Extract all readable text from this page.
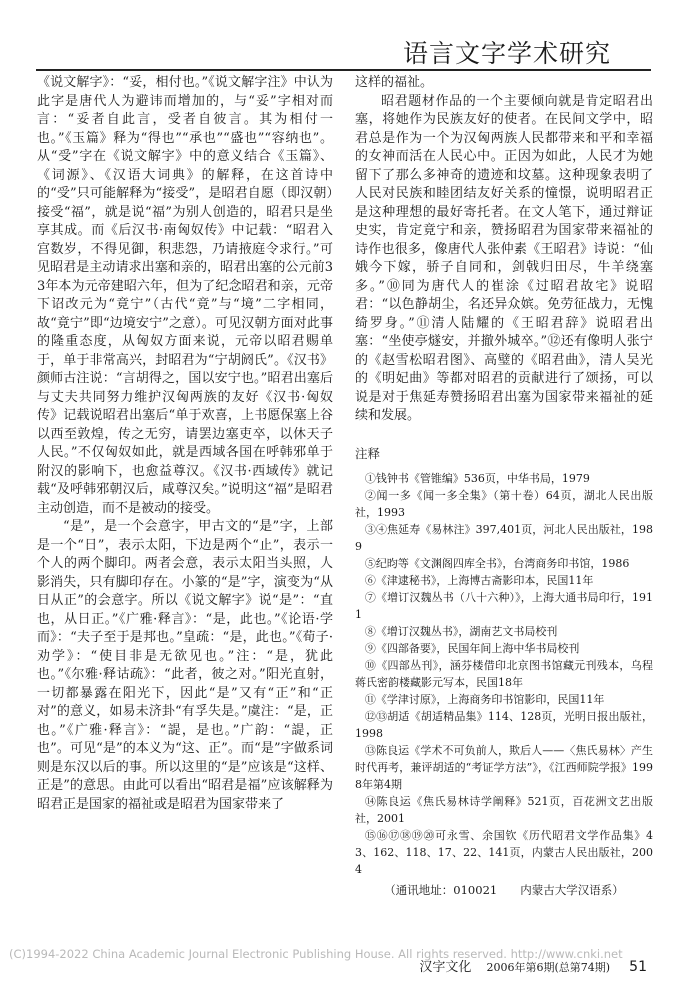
语言文字学术研究

《说文解字》：“妥，相付也。”《说文解字注》中认为此字是唐代人为避讳而增加的，与“妥”字相对而言：“妥者自此言，受者自彼言。其为相付一也。”《玉篇》释为“得也”“承也”“盛也”“容纳也”。从“受”字在《说文解字》中的意义结合《玉篇》、《词源》、《汉语大词典》的解释，在这首诗中的“受”只可能解释为“接受”，是昭君自愿（即汉朝）接受“福”，就是说“福”为别人创造的，昭君只是坐享其成。而《后汉书·南匈奴传》中记载：“昭君入宫数岁，不得见御，积悲怨，乃请掖庭令求行。”可见昭君是主动请求出塞和亲的，昭君出塞的公元前33年本为元帝建昭六年，但为了纪念昭君和亲，元帝下诏改元为“竟宁”（古代“竟”与“境”二字相同，故“竟宁”即“边境安宁”之意）。可见汉朝方面对此事的隆重态度，从匈奴方面来说，元帝以昭君赐单于，单于非常高兴，封昭君为“宁胡阏氏”。《汉书》颜师古注说：“言胡得之，国以安宁也。”昭君出塞后与丈夫共同努力维护汉匈两族的友好《汉书·匈奴传》记载说昭君出塞后“单于欢喜，上书愿保塞上谷以西至敦煌，传之无穷，请罢边塞吏卒，以休天子人民。”不仅匈奴如此，就是西域各国在呼韩邪单于附汉的影响下，也愈益尊汉。《汉书·西域传》就记载“及呼韩邪朝汉后，咸尊汉矣。”说明这“福”是昭君主动创造，而不是被动的接受。

“是”，是一个会意字，甲古文的“是”字，上部是一个“日”，表示太阳，下边是两个“止”，表示一个人的两个脚印。两者会意，表示太阳当头照，人影消失，只有脚印存在。小篆的“是”字，演变为“从日从正”的会意字。所以《说文解字》说“是”：“直也，从日正。”《广雅·释言》：“是，此也。”《论语·学而》：“夫子至于是邦也。”皇疏：“是，此也。”《荀子·劝学》：“使目非是无欲见也。”注：“是，犹此也。”《尔雅·释诂疏》：“此者，彼之对。”阳光直射，一切都暴露在阳光下，因此“是”又有“正”和“正对”的意义，如易未济卦“有孚失是。”虞注：“是，正也。”《广雅·释言》：“諟，是也。”广韵：“諟，正也”。可见“是”的本义为“这、正”。而“是”字做系词则是东汉以后的事。所以这里的“是”应该是“这样、正是”的意思。由此可以看出“昭君是福”应该解释为昭君正是国家的福祉或是昭君为国家带来了

这样的福祉。

昭君题材作品的一个主要倾向就是肯定昭君出塞，将她作为民族友好的使者。在民间文学中，昭君总是作为一个为汉匈两族人民都带来和平和幸福的女神而活在人民心中。正因为如此，人民才为她留下了那么多神奇的遗迹和坟墓。这种现象表明了人民对民族和睦团结友好关系的憧憬，说明昭君正是这种理想的最好寄托者。在文人笔下，通过辩证史实，肯定竟宁和亲，赞扬昭君为国家带来福祉的诗作也很多，像唐代人张仲素《王昭君》诗说：“仙娥今下嫁，骄子自同和，剑戟归田尽，牛羊绕塞多。”⑩同为唐代人的崔涂《过昭君故宅》说昭君：“以色静胡尘，名还异众嫔。免劳征战力，无愧绮罗身。”⑪清人陆耀的《王昭君辞》说昭君出塞：“坐使亭燧安，并撤外城卒。”⑫还有像明人张宁的《赵雪松昭君图》、高璧的《昭君曲》，清人吴光的《明妃曲》等都对昭君的贡献进行了颂扬，可以说是对于焦延寿赞扬昭君出塞为国家带来福祉的延续和发展。

注释
①钱钟书《管锥编》536页，中华书局，1979
②闻一多《闻一多全集》（第十卷）64页，湖北人民出版社，1993
③④焦延寿《易林注》397,401页，河北人民出版社，1989
⑤纪昀等《文渊阁四库全书》，台湾商务印书馆，1986
⑥《津逮秘书》，上海博古斋影印本，民国11年
⑦《增订汉魏丛书（八十六种）》，上海大通书局印行，1911
⑧《增订汉魏丛书》，湖南艺文书局校刊
⑨《四部备要》，民国年间上海中华书局校刊
⑩《四部丛刊》，涵芬楼借印北京图书馆藏元刊残本，乌程蒋氏密韵楼藏影元写本，民国18年
⑪《学津讨原》，上海商务印书馆影印，民国11年
⑫⑬胡适《胡适精品集》114、128页，光明日报出版社，1998
⑬陈良运《学术不可负前人，欺后人——〈焦氏易林〉产生时代再考，兼评胡适的“考证学方法”》，《江西师院学报》1998年第4期
⑭陈良运《焦氏易林诗学阐释》521页，百花洲文艺出版社，2001
⑮⑯⑰⑱⑲⑳可永雪、余国钦《历代昭君文学作品集》43、162、118、17、22、141页，内蒙古人民出版社，2004
（通讯地址：010021　　内蒙古大学汉语系）

(C)1994-2022 China Academic Journal Electronic Publishing House. All rights reserved. http://www.cnki.net

汉字文化 2006年第6期(总第74期) 51
